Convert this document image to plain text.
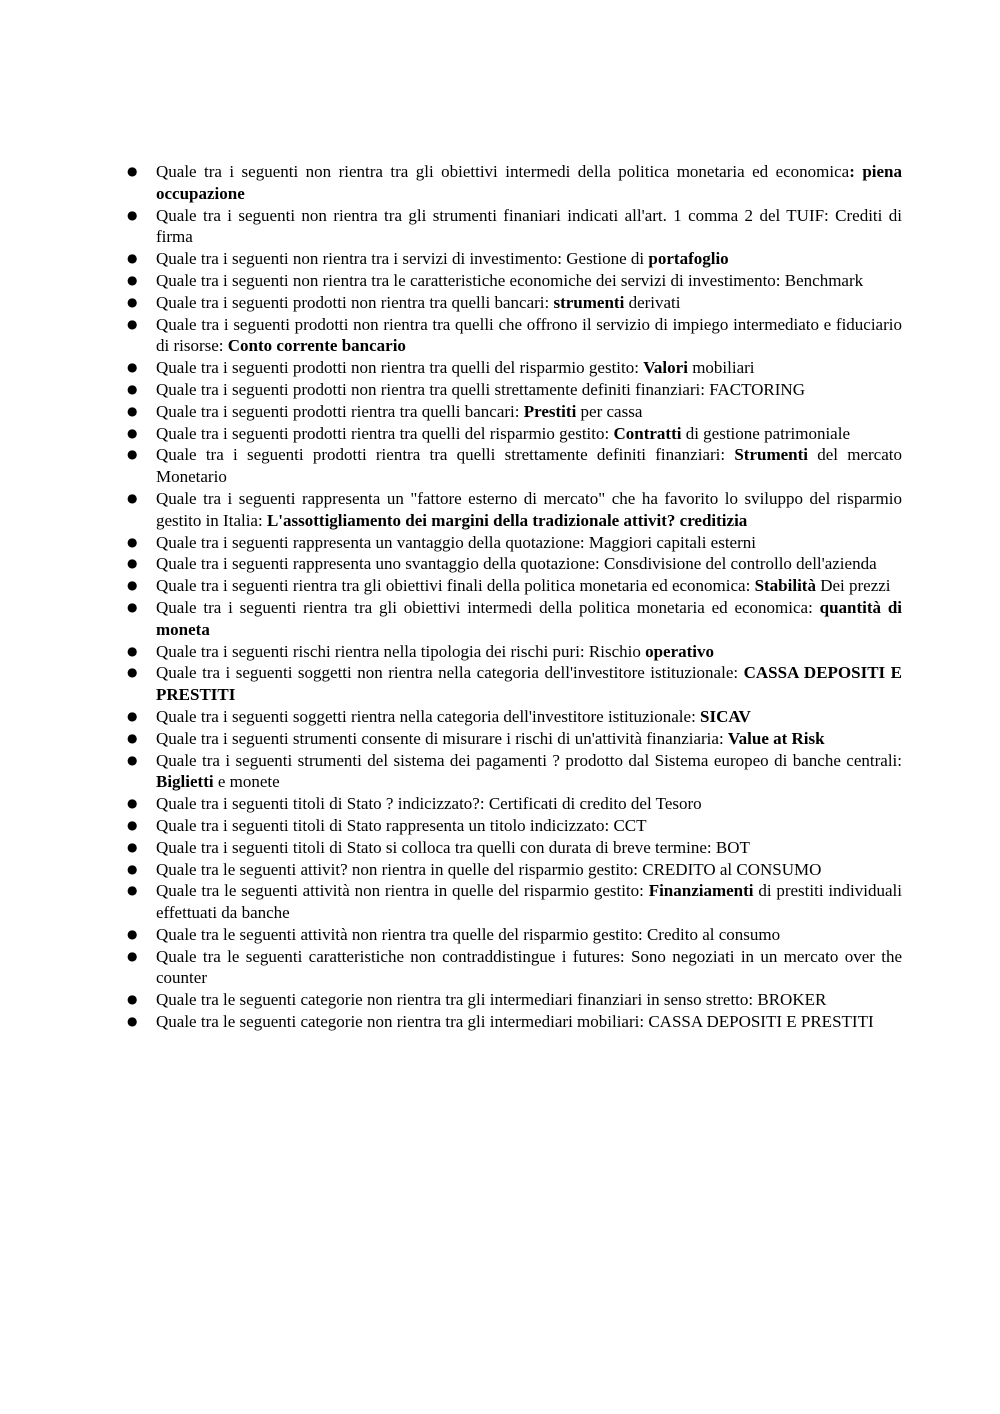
● Quale tra i seguenti non rientra tra gli obiettivi intermedi della politica monetaria ed economica: piena occupazione
● Quale tra i seguenti non rientra tra gli strumenti finaniari indicati all'art. 1 comma 2 del TUIF: Crediti di firma
● Quale tra i seguenti non rientra tra i servizi di investimento: Gestione di portafoglio
● Quale tra i seguenti non rientra tra le caratteristiche economiche dei servizi di investimento: Benchmark
● Quale tra i seguenti prodotti non rientra tra quelli bancari: strumenti derivati
● Quale tra i seguenti prodotti non rientra tra quelli che offrono il servizio di impiego intermediato e fiduciario di risorse: Conto corrente bancario
● Quale tra i seguenti prodotti non rientra tra quelli del risparmio gestito: Valori mobiliari
● Quale tra i seguenti prodotti non rientra tra quelli strettamente definiti finanziari: FACTORING
● Quale tra i seguenti prodotti rientra tra quelli bancari: Prestiti per cassa
● Quale tra i seguenti prodotti rientra tra quelli del risparmio gestito: Contratti di gestione patrimoniale
● Quale tra i seguenti prodotti rientra tra quelli strettamente definiti finanziari: Strumenti del mercato Monetario
● Quale tra i seguenti rappresenta un "fattore esterno di mercato" che ha favorito lo sviluppo del risparmio gestito in Italia: L'assottigliamento dei margini della tradizionale attivit? creditizia
● Quale tra i seguenti rappresenta un vantaggio della quotazione: Maggiori capitali esterni
● Quale tra i seguenti rappresenta uno svantaggio della quotazione: Consdivisione del controllo dell'azienda
● Quale tra i seguenti rientra tra gli obiettivi finali della politica monetaria ed economica: Stabilità Dei prezzi
● Quale tra i seguenti rientra tra gli obiettivi intermedi della politica monetaria ed economica: quantità di moneta
● Quale tra i seguenti rischi rientra nella tipologia dei rischi puri: Rischio operativo
● Quale tra i seguenti soggetti non rientra nella categoria dell'investitore istituzionale: CASSA DEPOSITI E PRESTITI
● Quale tra i seguenti soggetti rientra nella categoria dell'investitore istituzionale: SICAV
● Quale tra i seguenti strumenti consente di misurare i rischi di un'attività finanziaria: Value at Risk
● Quale tra i seguenti strumenti del sistema dei pagamenti ? prodotto dal Sistema europeo di banche centrali: Biglietti e monete
● Quale tra i seguenti titoli di Stato ? indicizzato?: Certificati di credito del Tesoro
● Quale tra i seguenti titoli di Stato rappresenta un titolo indicizzato: CCT
● Quale tra i seguenti titoli di Stato si colloca tra quelli con durata di breve termine: BOT
● Quale tra le seguenti attivit? non rientra in quelle del risparmio gestito: CREDITO al CONSUMO
● Quale tra le seguenti attività non rientra in quelle del risparmio gestito: Finanziamenti di prestiti individuali effettuati da banche
● Quale tra le seguenti attività non rientra tra quelle del risparmio gestito: Credito al consumo
● Quale tra le seguenti caratteristiche non contraddistingue i futures: Sono negoziati in un mercato over the counter
● Quale tra le seguenti categorie non rientra tra gli intermediari finanziari in senso stretto: BROKER
● Quale tra le seguenti categorie non rientra tra gli intermediari mobiliari: CASSA DEPOSITI E PRESTITI
